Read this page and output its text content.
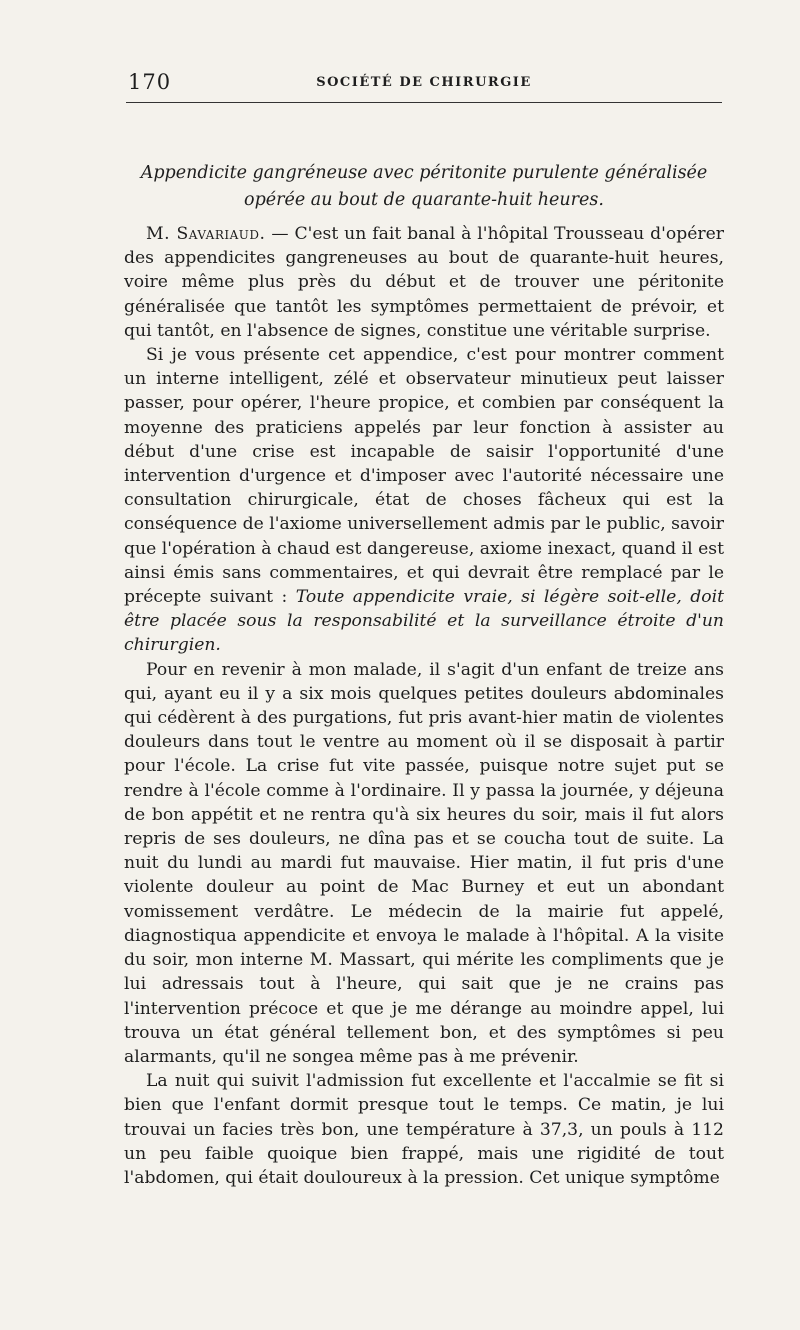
170	SOCIÉTÉ DE CHIRURGIE
Appendicite gangréneuse avec péritonite purulente généralisée opérée au bout de quarante-huit heures.

M. Savariaud. — C'est un fait banal à l'hôpital Trousseau d'opérer des appendicites gangreneuses au bout de quarante-huit heures, voire même plus près du début et de trouver une péritonite généralisée que tantôt les symptômes permettaient de prévoir, et qui tantôt, en l'absence de signes, constitue une véritable surprise.

Si je vous présente cet appendice, c'est pour montrer comment un interne intelligent, zélé et observateur minutieux peut laisser passer, pour opérer, l'heure propice, et combien par conséquent la moyenne des praticiens appelés par leur fonction à assister au début d'une crise est incapable de saisir l'opportunité d'une intervention d'urgence et d'imposer avec l'autorité nécessaire une consultation chirurgicale, état de choses fâcheux qui est la conséquence de l'axiome universellement admis par le public, savoir que l'opération à chaud est dangereuse, axiome inexact, quand il est ainsi émis sans commentaires, et qui devrait être remplacé par le précepte suivant : Toute appendicite vraie, si légère soit-elle, doit être placée sous la responsabilité et la surveillance étroite d'un chirurgien.

Pour en revenir à mon malade, il s'agit d'un enfant de treize ans qui, ayant eu il y a six mois quelques petites douleurs abdominales qui cédèrent à des purgations, fut pris avant-hier matin de violentes douleurs dans tout le ventre au moment où il se disposait à partir pour l'école. La crise fut vite passée, puisque notre sujet put se rendre à l'école comme à l'ordinaire. Il y passa la journée, y déjeuna de bon appétit et ne rentra qu'à six heures du soir, mais il fut alors repris de ses douleurs, ne dîna pas et se coucha tout de suite. La nuit du lundi au mardi fut mauvaise. Hier matin, il fut pris d'une violente douleur au point de Mac Burney et eut un abondant vomissement verdâtre. Le médecin de la mairie fut appelé, diagnostiqua appendicite et envoya le malade à l'hôpital. A la visite du soir, mon interne M. Massart, qui mérite les compliments que je lui adressais tout à l'heure, qui sait que je ne crains pas l'intervention précoce et que je me dérange au moindre appel, lui trouva un état général tellement bon, et des symptômes si peu alarmants, qu'il ne songea même pas à me prévenir.

La nuit qui suivit l'admission fut excellente et l'accalmie se fit si bien que l'enfant dormit presque tout le temps. Ce matin, je lui trouvai un facies très bon, une température à 37,3, un pouls à 112 un peu faible quoique bien frappé, mais une rigidité de tout l'abdomen, qui était douloureux à la pression. Cet unique symptôme
